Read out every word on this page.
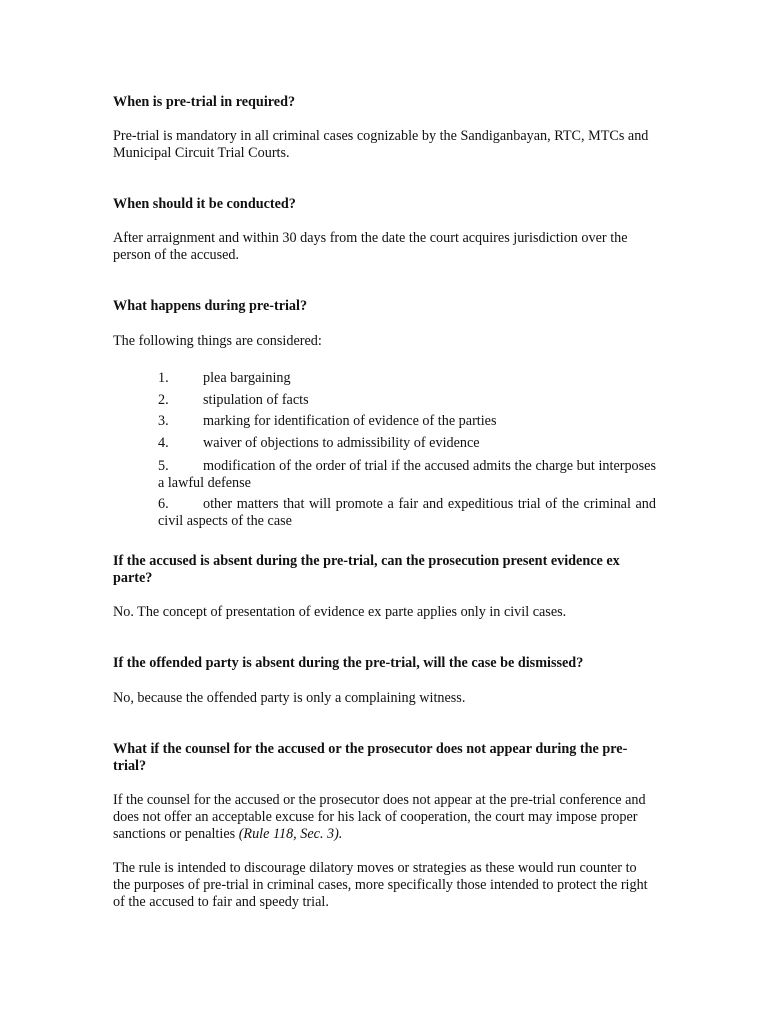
When is pre-trial in required?

Pre-trial is mandatory in all criminal cases cognizable by the Sandiganbayan, RTC, MTCs and Municipal Circuit Trial Courts.

When should it be conducted?

After arraignment and within 30 days from the date the court acquires jurisdiction over the person of the accused.

What happens during pre-trial?

The following things are considered:

1. plea bargaining

2. stipulation of facts

3. marking for identification of evidence of the parties

4. waiver of objections to admissibility of evidence

5. modification of the order of trial if the accused admits the charge but interposes a lawful defense

6. other matters that will promote a fair and expeditious trial of the criminal and civil aspects of the case

If the accused is absent during the pre-trial, can the prosecution present evidence ex parte?

No. The concept of presentation of evidence ex parte applies only in civil cases.

If the offended party is absent during the pre-trial, will the case be dismissed?

No, because the offended party is only a complaining witness.

What if the counsel for the accused or the prosecutor does not appear during the pre-trial?

If the counsel for the accused or the prosecutor does not appear at the pre-trial conference and does not offer an acceptable excuse for his lack of cooperation, the court may impose proper sanctions or penalties (Rule 118, Sec. 3).

The rule is intended to discourage dilatory moves or strategies as these would run counter to the purposes of pre-trial in criminal cases, more specifically those intended to protect the right of the accused to fair and speedy trial.
